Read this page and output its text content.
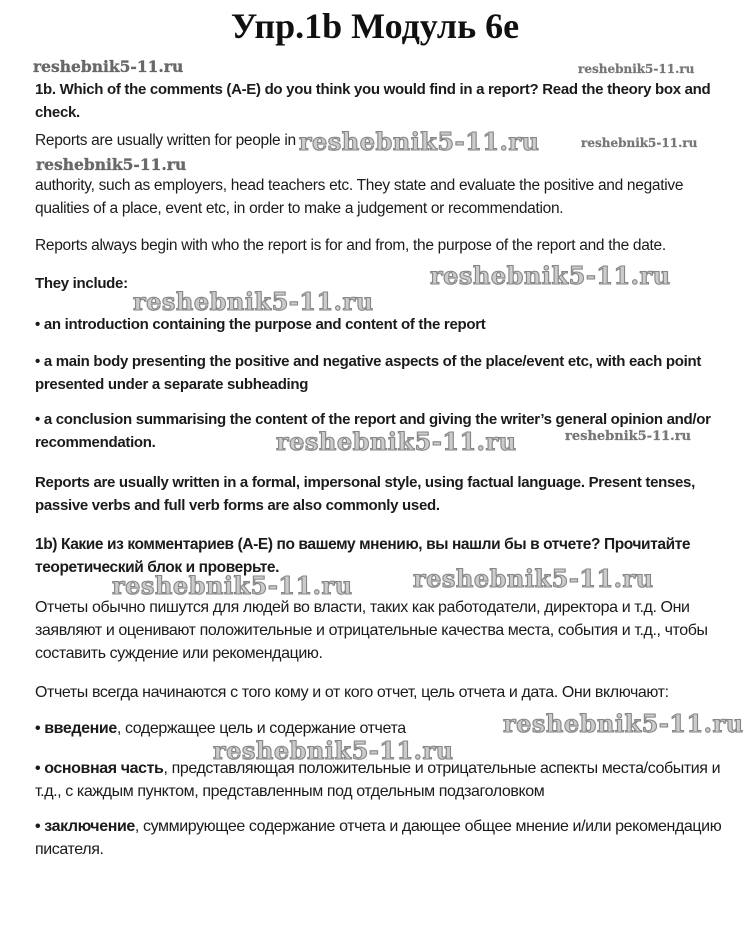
Упр.1b Модуль 6e
reshebnik5-11.ru	reshebnik5-11.ru
1b. Which of the comments (A-E) do you think you would find in a report? Read the theory box and check.
Reports are usually written for people in reshebnik5-11.ru	reshebnik5-11.ru
reshebnik5-11.ru
authority, such as employers, head teachers etc. They state and evaluate the positive and negative qualities of a place, event etc, in order to make a judgement or recommendation.
Reports always begin with who the report is for and from, the purpose of the report and the date.
They include:	reshebnik5-11.ru
reshebnik5-11.ru
• an introduction containing the purpose and content of the report
• a main body presenting the positive and negative aspects of the place/event etc, with each point presented under a separate subheading
• a conclusion summarising the content of the report and giving the writer’s general opinion and/or recommendation.	reshebnik5-11.ru	reshebnik5-11.ru
Reports are usually written in a formal, impersonal style, using factual language. Present tenses, passive verbs and full verb forms are also commonly used.
1b) Какие из комментариев (А-Е) по вашему мнению, вы нашли бы в отчете? Прочитайте теоретический блок и проверьте.
reshebnik5-11.ru	reshebnik5-11.ru
Отчеты обычно пишутся для людей во власти, таких как работодатели, директора и т.д. Они заявляют и оценивают положительные и отрицательные качества места, события и т.д., чтобы составить суждение или рекомендацию.
Отчеты всегда начинаются с того кому и от кого отчет, цель отчета и дата. Они включают:
• введение, содержащее цель и содержание отчета	reshebnik5-11.ru
reshebnik5-11.ru
• основная часть, представляющая положительные и отрицательные аспекты места/события и т.д., с каждым пунктом, представленным под отдельным подзаголовком
• заключение, суммирующее содержание отчета и дающее общее мнение и/или рекомендацию писателя.
